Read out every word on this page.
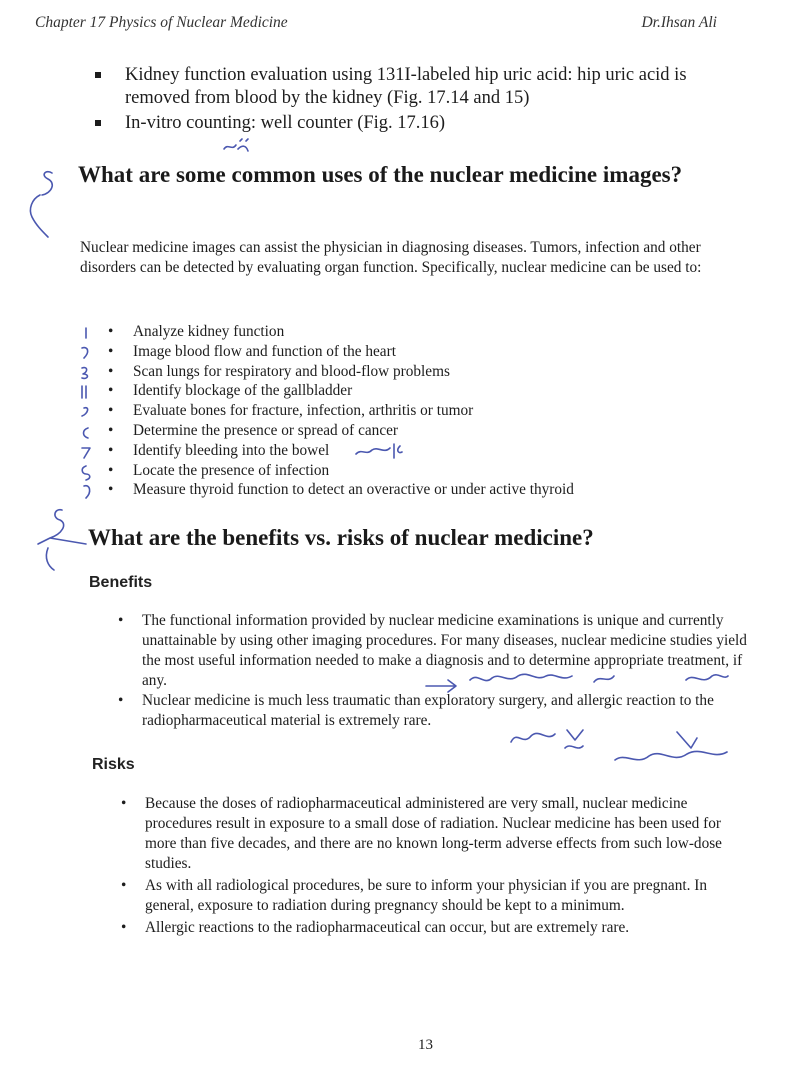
Chapter 17 Physics of Nuclear Medicine	Dr.Ihsan Ali
Kidney function evaluation using 131I-labeled hip uric acid: hip uric acid is removed from blood by the kidney (Fig. 17.14 and 15)
In-vitro counting: well counter (Fig. 17.16)
What are some common uses of the nuclear medicine images?

Nuclear medicine images can assist the physician in diagnosing diseases. Tumors, infection and other disorders can be detected by evaluating organ function. Specifically, nuclear medicine can be used to:

• Analyze kidney function
• Image blood flow and function of the heart
• Scan lungs for respiratory and blood-flow problems
• Identify blockage of the gallbladder
• Evaluate bones for fracture, infection, arthritis or tumor
• Determine the presence or spread of cancer
• Identify bleeding into the bowel
• Locate the presence of infection
• Measure thyroid function to detect an overactive or under active thyroid
What are the benefits vs. risks of nuclear medicine?
Benefits
• The functional information provided by nuclear medicine examinations is unique and currently unattainable by using other imaging procedures. For many diseases, nuclear medicine studies yield the most useful information needed to make a diagnosis and to determine appropriate treatment, if any.
• Nuclear medicine is much less traumatic than exploratory surgery, and allergic reaction to the radiopharmaceutical material is extremely rare.
Risks
• Because the doses of radiopharmaceutical administered are very small, nuclear medicine procedures result in exposure to a small dose of radiation. Nuclear medicine has been used for more than five decades, and there are no known long-term adverse effects from such low-dose studies.
• As with all radiological procedures, be sure to inform your physician if you are pregnant. In general, exposure to radiation during pregnancy should be kept to a minimum.
• Allergic reactions to the radiopharmaceutical can occur, but are extremely rare.
13
